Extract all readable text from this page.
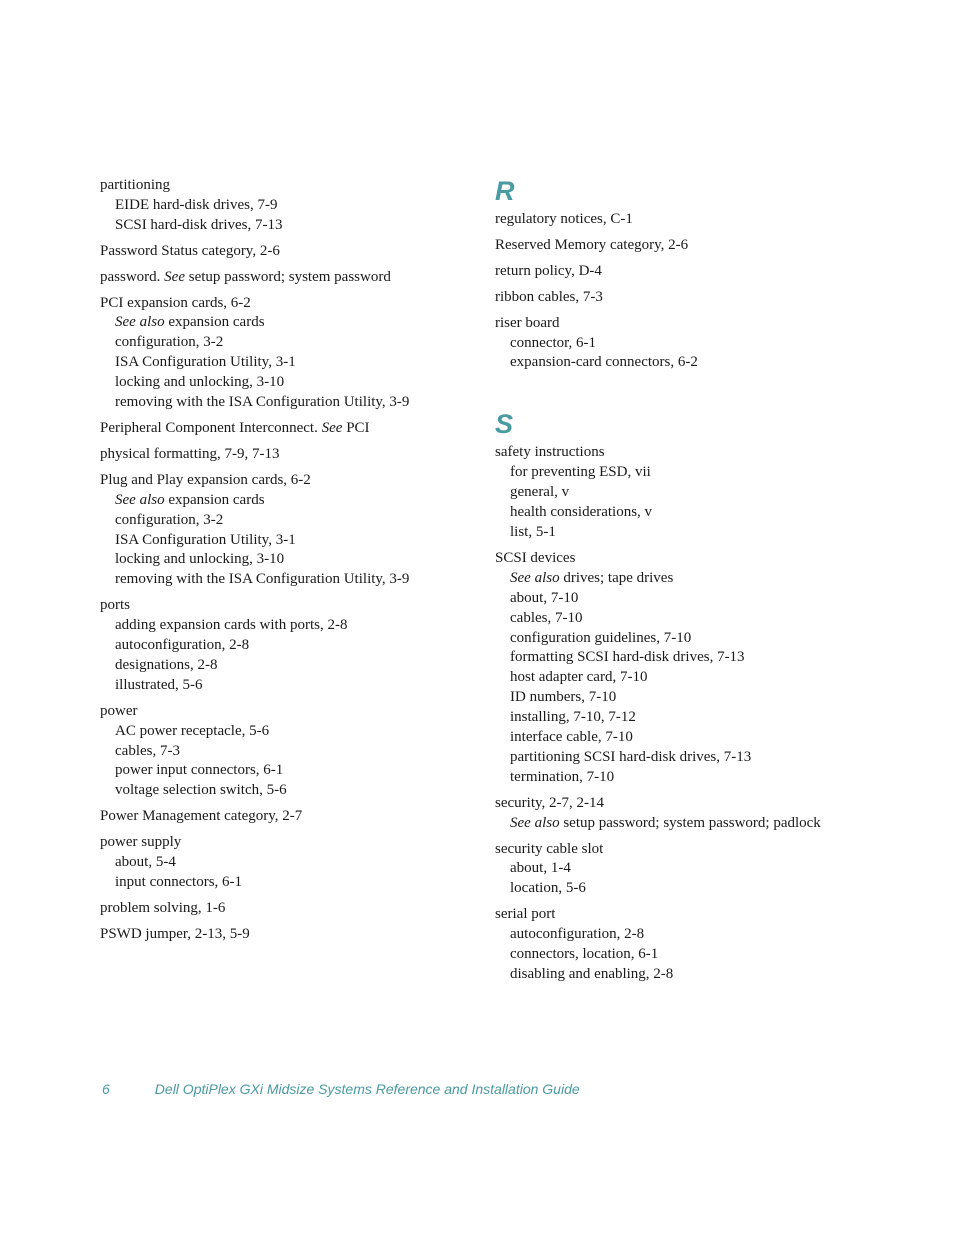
partitioning
EIDE hard-disk drives, 7-9
SCSI hard-disk drives, 7-13
Password Status category, 2-6
password. See setup password; system password
PCI expansion cards, 6-2
See also expansion cards
configuration, 3-2
ISA Configuration Utility, 3-1
locking and unlocking, 3-10
removing with the ISA Configuration Utility, 3-9
Peripheral Component Interconnect. See PCI
physical formatting, 7-9, 7-13
Plug and Play expansion cards, 6-2
See also expansion cards
configuration, 3-2
ISA Configuration Utility, 3-1
locking and unlocking, 3-10
removing with the ISA Configuration Utility, 3-9
ports
adding expansion cards with ports, 2-8
autoconfiguration, 2-8
designations, 2-8
illustrated, 5-6
power
AC power receptacle, 5-6
cables, 7-3
power input connectors, 6-1
voltage selection switch, 5-6
Power Management category, 2-7
power supply
about, 5-4
input connectors, 6-1
problem solving, 1-6
PSWD jumper, 2-13, 5-9
R
regulatory notices, C-1
Reserved Memory category, 2-6
return policy, D-4
ribbon cables, 7-3
riser board
connector, 6-1
expansion-card connectors, 6-2
S
safety instructions
for preventing ESD, vii
general, v
health considerations, v
list, 5-1
SCSI devices
See also drives; tape drives
about, 7-10
cables, 7-10
configuration guidelines, 7-10
formatting SCSI hard-disk drives, 7-13
host adapter card, 7-10
ID numbers, 7-10
installing, 7-10, 7-12
interface cable, 7-10
partitioning SCSI hard-disk drives, 7-13
termination, 7-10
security, 2-7, 2-14
See also setup password; system password; padlock
security cable slot
about, 1-4
location, 5-6
serial port
autoconfiguration, 2-8
connectors, location, 6-1
disabling and enabling, 2-8
6	Dell OptiPlex GXi Midsize Systems Reference and Installation Guide
